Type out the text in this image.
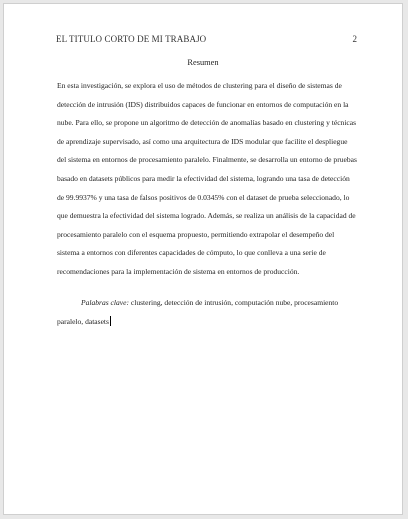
EL TITULO CORTO DE MI TRABAJO	2
Resumen

En esta investigación, se explora el uso de métodos de clustering para el diseño de sistemas de detección de intrusión (IDS) distribuidos capaces de funcionar en entornos de computación en la nube. Para ello, se propone un algoritmo de detección de anomalías basado en clustering y técnicas de aprendizaje supervisado, así como una arquitectura de IDS modular que facilite el despliegue del sistema en entornos de procesamiento paralelo. Finalmente, se desarrolla un entorno de pruebas basado en datasets públicos para medir la efectividad del sistema, logrando una tasa de detección de 99.9937% y una tasa de falsos positivos de 0.0345% con el dataset de prueba seleccionado, lo que demuestra la efectividad del sistema logrado. Además, se realiza un análisis de la capacidad de procesamiento paralelo con el esquema propuesto, permitiendo extrapolar el desempeño del sistema a entornos con diferentes capacidades de cómputo, lo que conlleva a una serie de recomendaciones para la implementación de sistema en entornos de producción.

Palabras clave: clustering, detección de intrusión, computación nube, procesamiento paralelo, datasets
